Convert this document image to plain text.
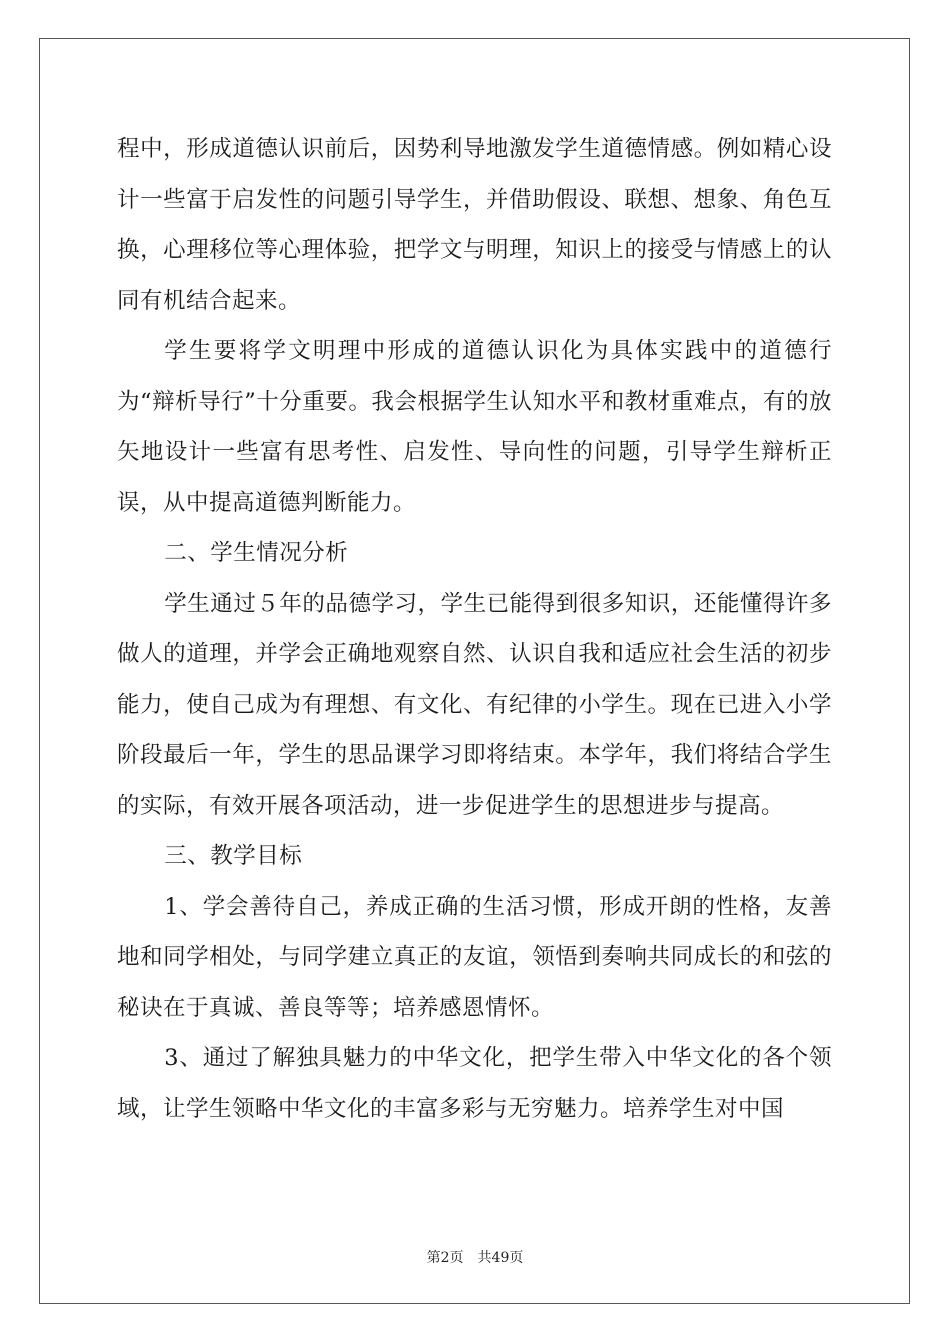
程中，形成道德认识前后，因势利导地激发学生道德情感。例如精心设计一些富于启发性的问题引导学生，并借助假设、联想、想象、角色互换，心理移位等心理体验，把学文与明理，知识上的接受与情感上的认同有机结合起来。

学生要将学文明理中形成的道德认识化为具体实践中的道德行为“辩析导行”十分重要。我会根据学生认知水平和教材重难点，有的放矢地设计一些富有思考性、启发性、导向性的问题，引导学生辩析正误，从中提高道德判断能力。

二、学生情况分析

学生通过５年的品德学习，学生已能得到很多知识，还能懂得许多做人的道理，并学会正确地观察自然、认识自我和适应社会生活的初步能力，使自己成为有理想、有文化、有纪律的小学生。现在已进入小学阶段最后一年，学生的思品课学习即将结束。本学年，我们将结合学生的实际，有效开展各项活动，进一步促进学生的思想进步与提高。

三、教学目标

1、学会善待自己，养成正确的生活习惯，形成开朗的性格，友善地和同学相处，与同学建立真正的友谊，领悟到奏响共同成长的和弦的秘诀在于真诚、善良等等；培养感恩情怀。

3、通过了解独具魅力的中华文化，把学生带入中华文化的各个领域，让学生领略中华文化的丰富多彩与无穷魅力。培养学生对中国

第2页 共49页
